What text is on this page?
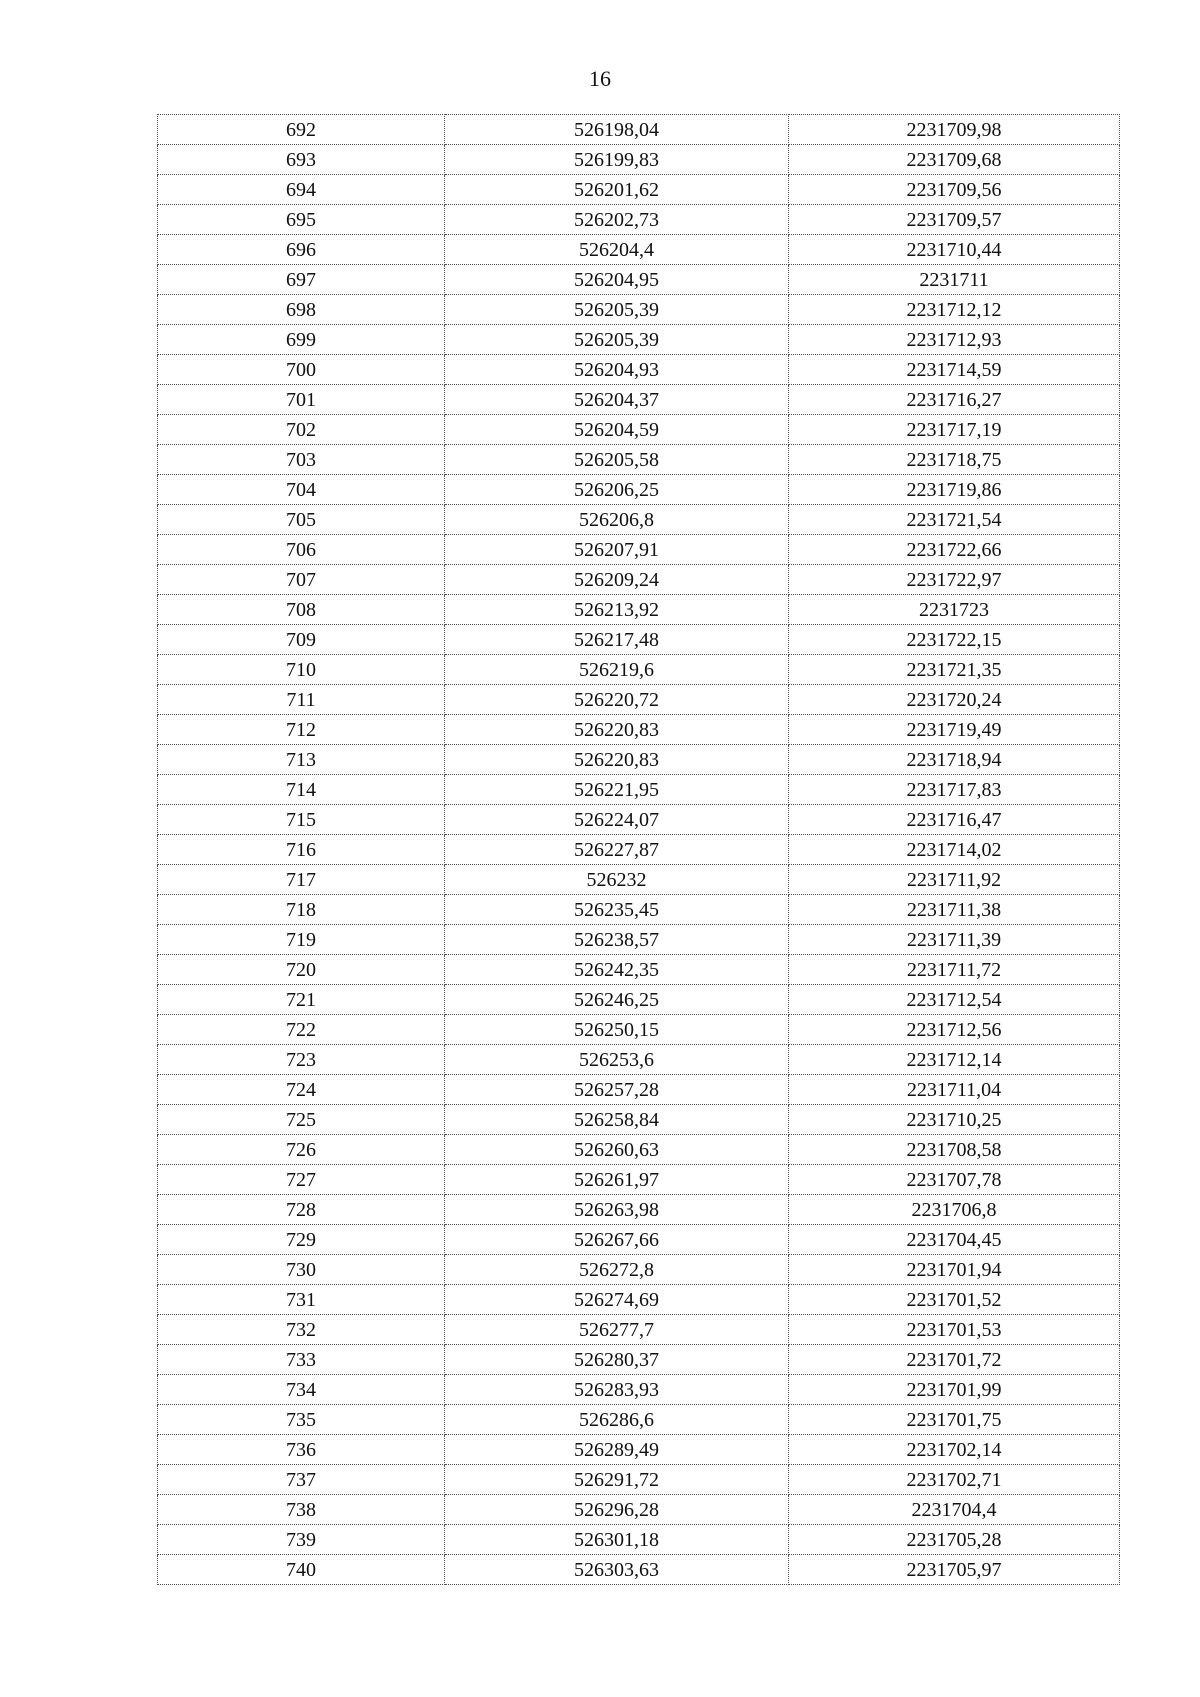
16
692	526198,04	2231709,98
693	526199,83	2231709,68
694	526201,62	2231709,56
695	526202,73	2231709,57
696	526204,4	2231710,44
697	526204,95	2231711
698	526205,39	2231712,12
699	526205,39	2231712,93
700	526204,93	2231714,59
701	526204,37	2231716,27
702	526204,59	2231717,19
703	526205,58	2231718,75
704	526206,25	2231719,86
705	526206,8	2231721,54
706	526207,91	2231722,66
707	526209,24	2231722,97
708	526213,92	2231723
709	526217,48	2231722,15
710	526219,6	2231721,35
711	526220,72	2231720,24
712	526220,83	2231719,49
713	526220,83	2231718,94
714	526221,95	2231717,83
715	526224,07	2231716,47
716	526227,87	2231714,02
717	526232	2231711,92
718	526235,45	2231711,38
719	526238,57	2231711,39
720	526242,35	2231711,72
721	526246,25	2231712,54
722	526250,15	2231712,56
723	526253,6	2231712,14
724	526257,28	2231711,04
725	526258,84	2231710,25
726	526260,63	2231708,58
727	526261,97	2231707,78
728	526263,98	2231706,8
729	526267,66	2231704,45
730	526272,8	2231701,94
731	526274,69	2231701,52
732	526277,7	2231701,53
733	526280,37	2231701,72
734	526283,93	2231701,99
735	526286,6	2231701,75
736	526289,49	2231702,14
737	526291,72	2231702,71
738	526296,28	2231704,4
739	526301,18	2231705,28
740	526303,63	2231705,97
